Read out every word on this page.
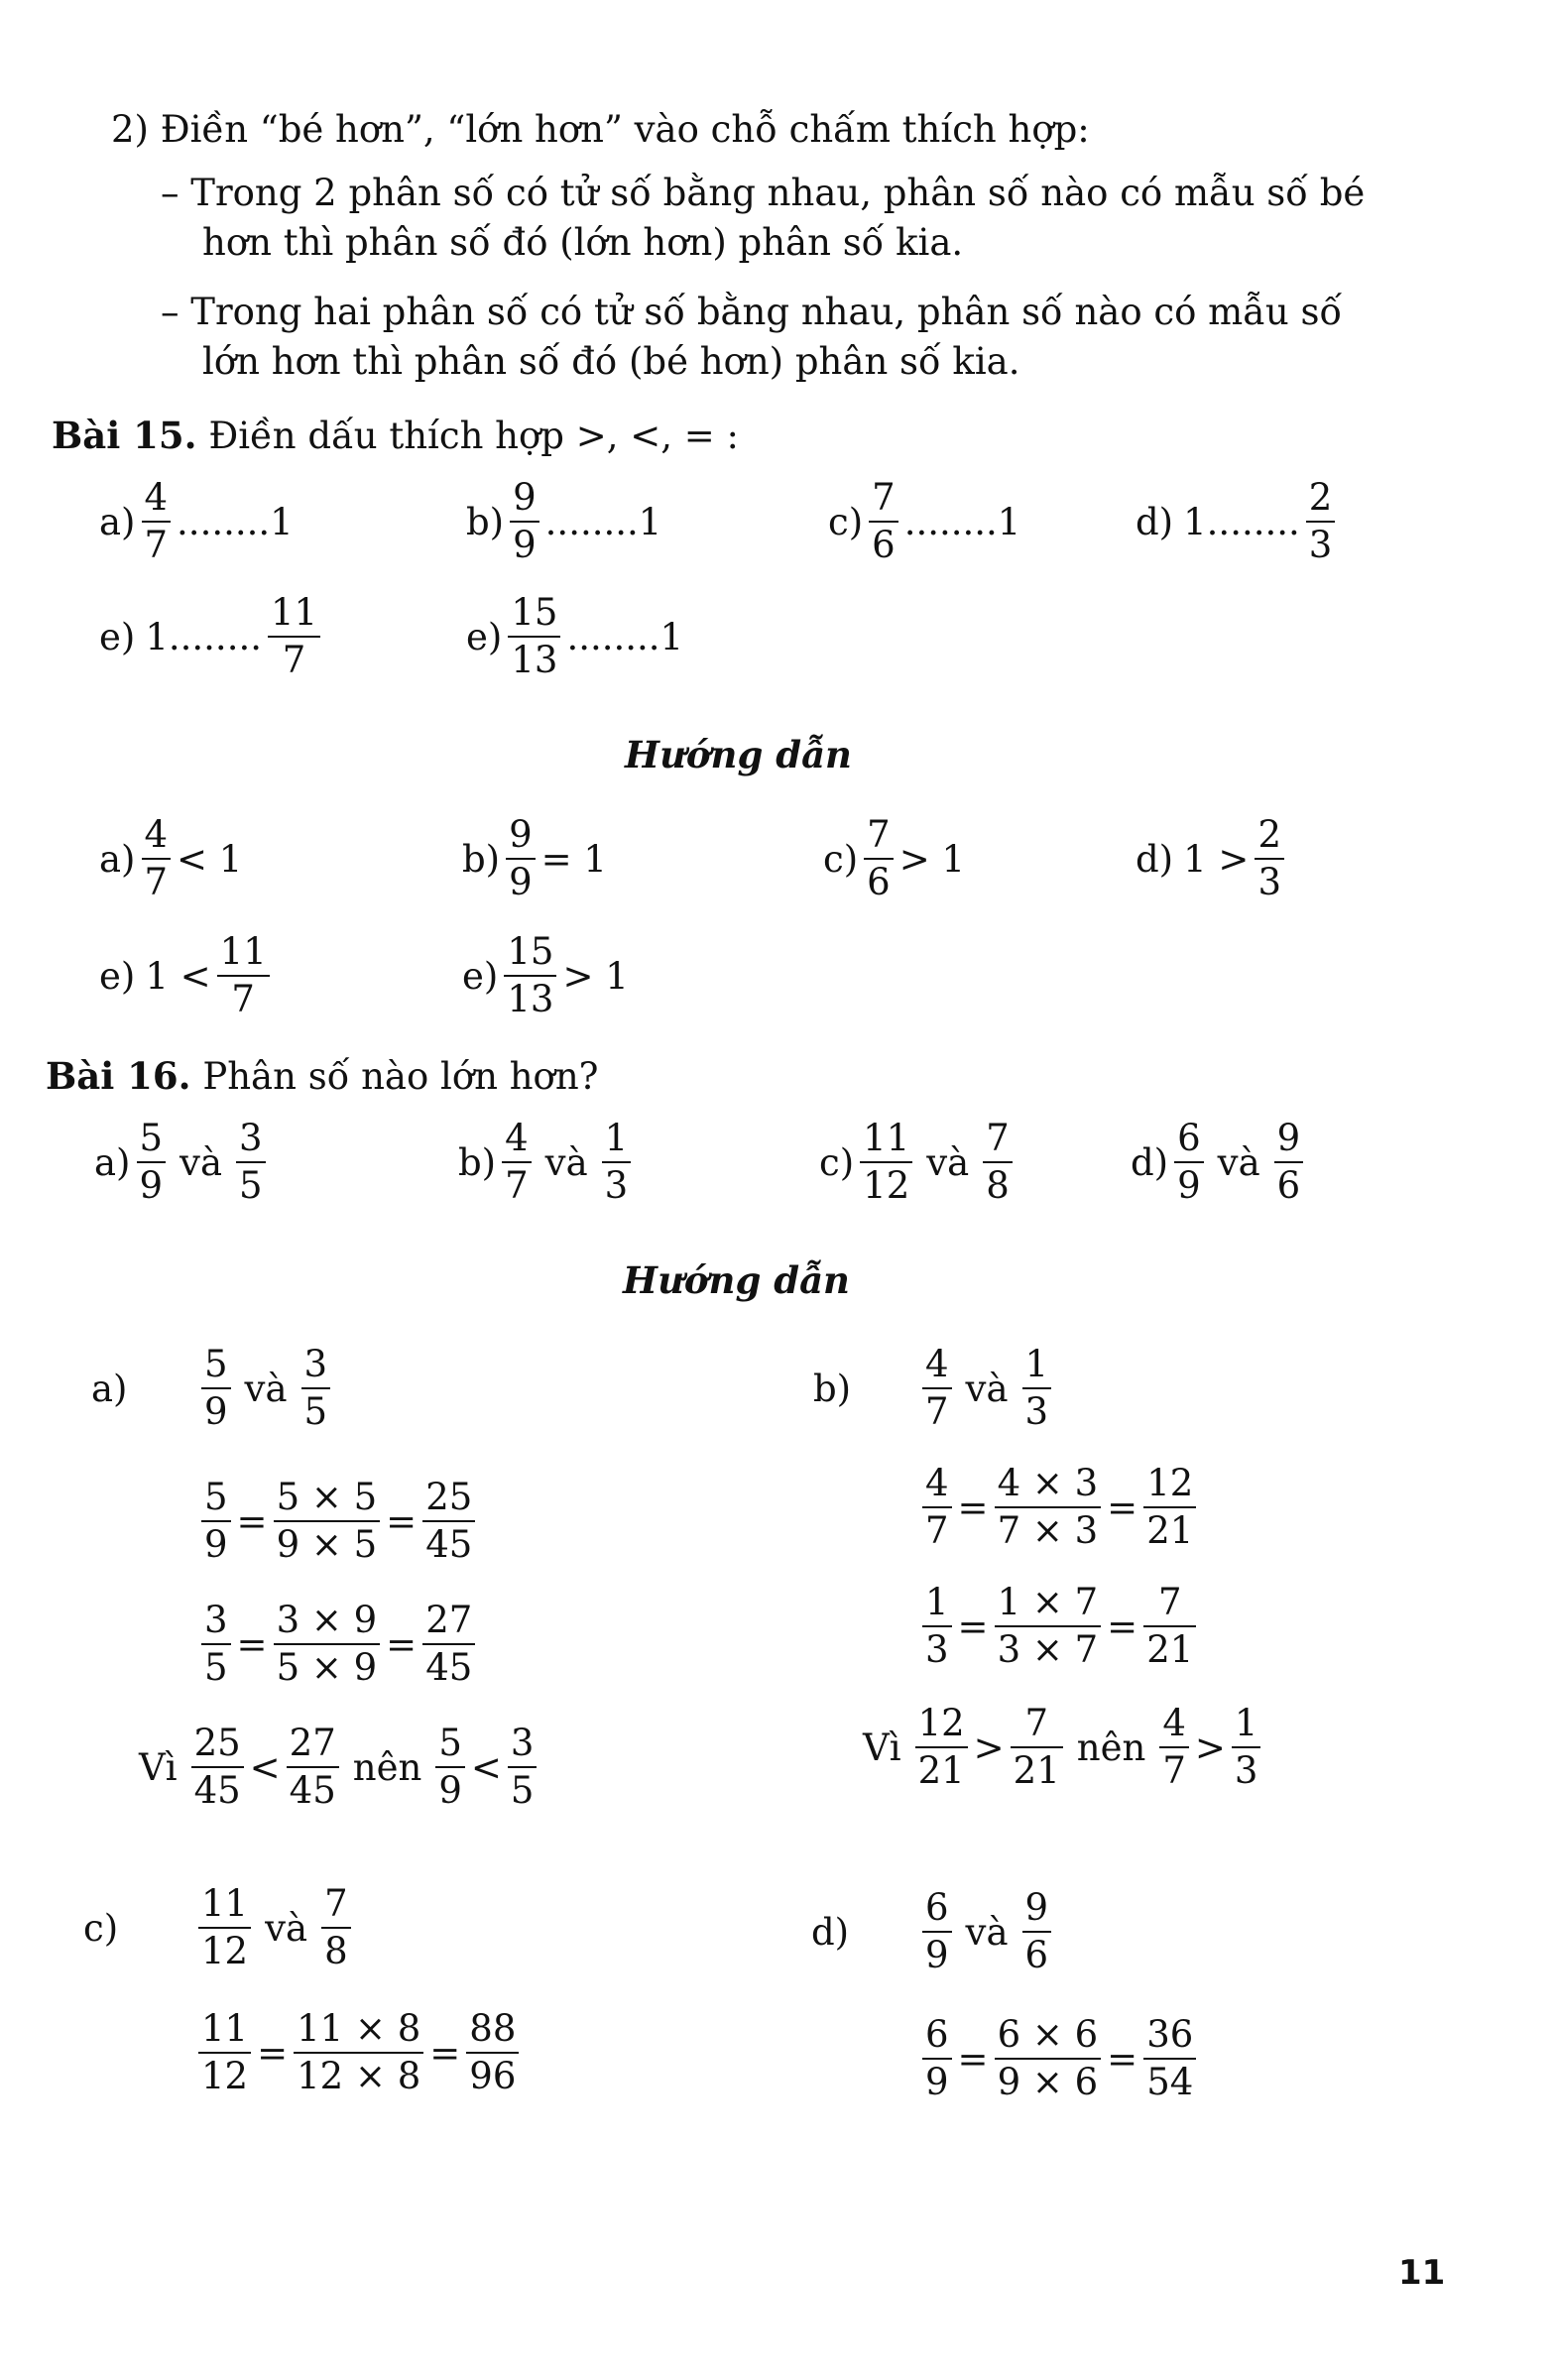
2) Điền “bé hơn”, “lớn hơn” vào chỗ chấm thích hợp:
– Trong 2 phân số có tử số bằng nhau, phân số nào có mẫu số bé
hơn thì phân số đó (lớn hơn) phân số kia.
– Trong hai phân số có tử số bằng nhau, phân số nào có mẫu số
lớn hơn thì phân số đó (bé hơn) phân số kia.
Bài 15. Điền dấu thích hợp >, <, = :
$a) \frac{4}{7} ........1$	$b) \frac{9}{9} ........1$	$c) \frac{7}{6} ........1$	d) 1........ $\frac{2}{3}$
e) 1........ $\frac{11}{7}$	$e) \frac{15}{13} ........1$
Hướng dẫn
$a) \frac{4}{7} < 1$	$b) \frac{9}{9} = 1$	$c) \frac{7}{6} > 1$	d) $1 > \frac{2}{3}$
e) $1 < \frac{11}{7}$	$e) \frac{15}{13} > 1$
Bài 16. Phân số nào lớn hơn?
$a) \frac{5}{9}$ và $\frac{3}{5}$	$b) \frac{4}{7}$ và $\frac{1}{3}$	$c) \frac{11}{12}$ và $\frac{7}{8}$	$d) \frac{6}{9}$ và $\frac{9}{6}$
Hướng dẫn
a)	$\frac{5}{9}$ và $\frac{3}{5}$
$\frac{5}{9} = \frac{5 \times 5}{9 \times 5} = \frac{25}{45}$
$\frac{3}{5} = \frac{3 \times 9}{5 \times 9} = \frac{27}{45}$
Vì $\frac{25}{45} < \frac{27}{45}$ nên $\frac{5}{9} < \frac{3}{5}$
b)	$\frac{4}{7}$ và $\frac{1}{3}$
$\frac{4}{7} = \frac{4 \times 3}{7 \times 3} = \frac{12}{21}$
$\frac{1}{3} = \frac{1 \times 7}{3 \times 7} = \frac{7}{21}$
Vì $\frac{12}{21} > \frac{7}{21}$ nên $\frac{4}{7} > \frac{1}{3}$
c)	$\frac{11}{12}$ và $\frac{7}{8}$
$\frac{11}{12} = \frac{11 \times 8}{12 \times 8} = \frac{88}{96}$
d)	$\frac{6}{9}$ và $\frac{9}{6}$
$\frac{6}{9} = \frac{6 \times 6}{9 \times 6} = \frac{36}{54}$
11
